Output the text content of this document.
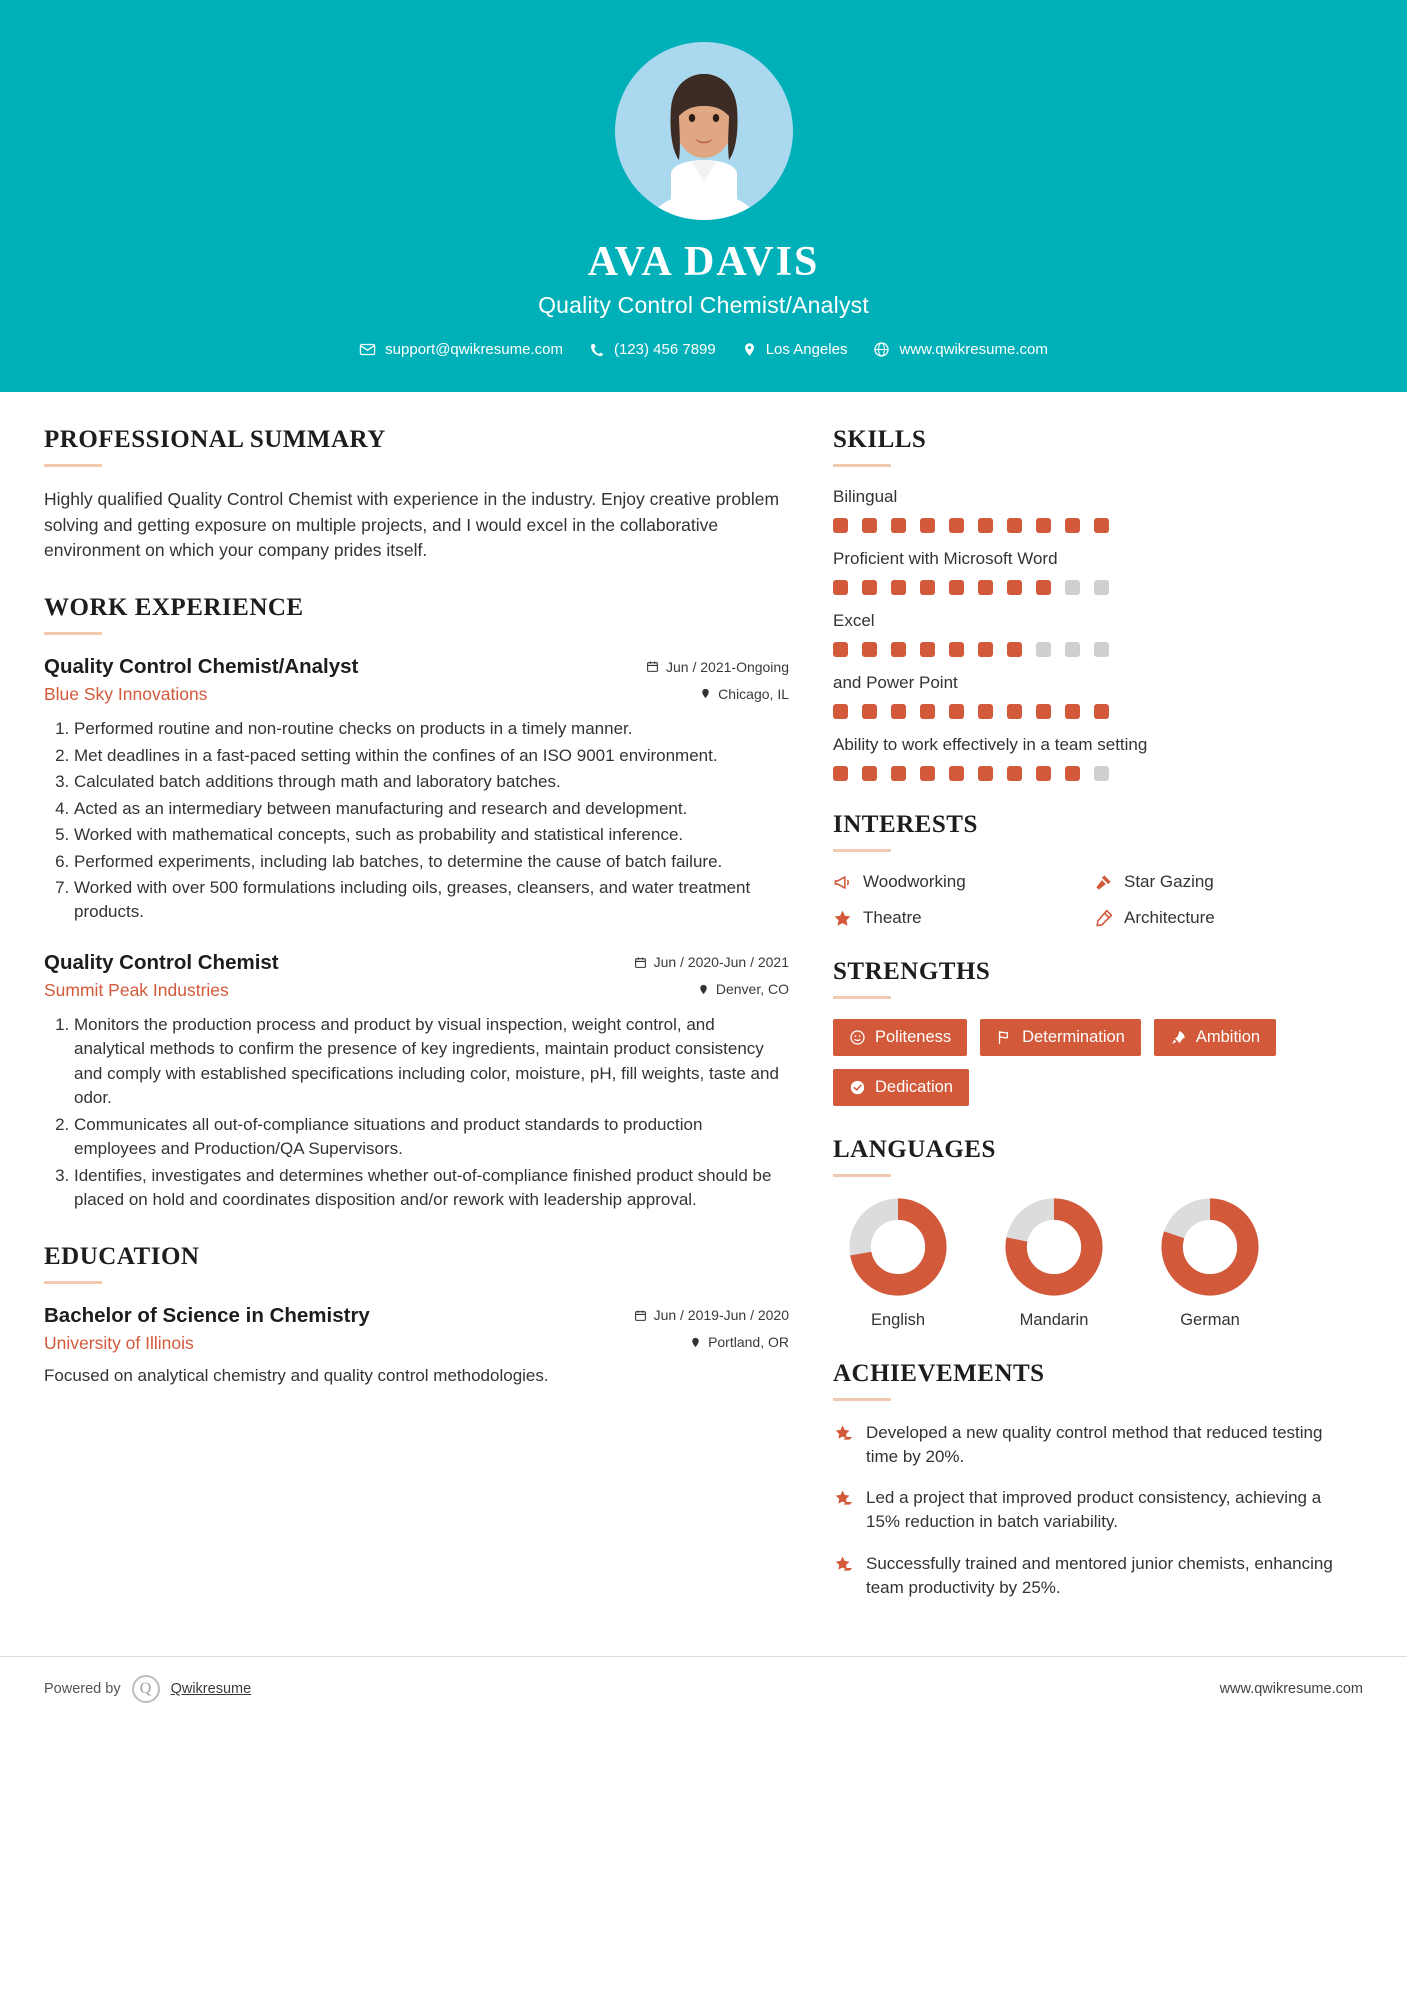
AVA DAVIS
Quality Control Chemist/Analyst
support@qwikresume.com	(123) 456 7899	Los Angeles	www.qwikresume.com
PROFESSIONAL SUMMARY

Highly qualified Quality Control Chemist with experience in the industry. Enjoy creative problem solving and getting exposure on multiple projects, and I would excel in the collaborative environment on which your company prides itself.

WORK EXPERIENCE
Quality Control Chemist/Analyst	Jun / 2021-Ongoing
Blue Sky Innovations	Chicago, IL
1. Performed routine and non-routine checks on products in a timely manner.
2. Met deadlines in a fast-paced setting within the confines of an ISO 9001 environment.
3. Calculated batch additions through math and laboratory batches.
4. Acted as an intermediary between manufacturing and research and development.
5. Worked with mathematical concepts, such as probability and statistical inference.
6. Performed experiments, including lab batches, to determine the cause of batch failure.
7. Worked with over 500 formulations including oils, greases, cleansers, and water treatment products.
Quality Control Chemist	Jun / 2020-Jun / 2021
Summit Peak Industries	Denver, CO
1. Monitors the production process and product by visual inspection, weight control, and analytical methods to confirm the presence of key ingredients, maintain product consistency and comply with established specifications including color, moisture, pH, fill weights, taste and odor.
2. Communicates all out-of-compliance situations and product standards to production employees and Production/QA Supervisors.
3. Identifies, investigates and determines whether out-of-compliance finished product should be placed on hold and coordinates disposition and/or rework with leadership approval.
EDUCATION
Bachelor of Science in Chemistry	Jun / 2019-Jun / 2020
University of Illinois	Portland, OR
Focused on analytical chemistry and quality control methodologies.
SKILLS
Bilingual
Proficient with Microsoft Word
Excel
and Power Point
Ability to work effectively in a team setting
INTERESTS
Woodworking	Star Gazing
Theatre	Architecture
STRENGTHS
Politeness	Determination	Ambition
Dedication
LANGUAGES
English	Mandarin	German
ACHIEVEMENTS
Developed a new quality control method that reduced testing time by 20%.
Led a project that improved product consistency, achieving a 15% reduction in batch variability.
Successfully trained and mentored junior chemists, enhancing team productivity by 25%.
Powered by	Q	Qwikresume	www.qwikresume.com
